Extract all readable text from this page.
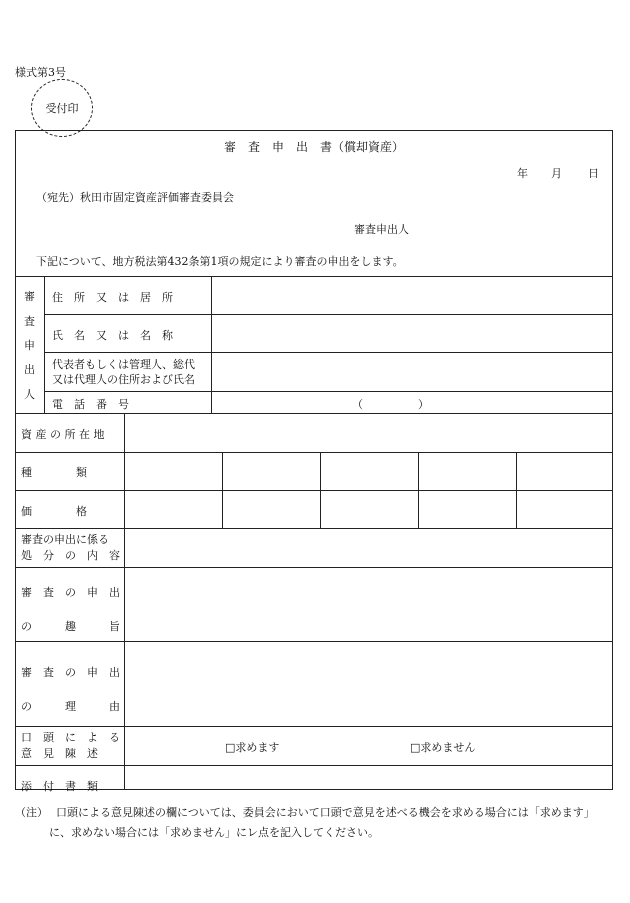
様式第3号
受付印
審　査　申　出　書（償却資産）
年 月 日
（宛先）秋田市固定資産評価審査委員会
審査申出人
下記について、地方税法第432条第1項の規定により審査の申出をします。
審
査
申
出
人
住　所　又　は　居　所
氏　名　又　は　名　称
代表者もしくは管理人、総代
又は代理人の住所および氏名
電　話　番　号	（	）
資 産 の 所 在 地
種　　　　類
価　　　　格
審査の申出に係る
処　分　の　内　容
審　査　の　申　出
の　　　趣　　　旨
審　査　の　申　出
の　　　理　　　由
口　頭　に　よ　る
意　見　陳　述	□求めます	□求めません
添　付　書　類
（注） 口頭による意見陳述の欄については、委員会において口頭で意見を述べる機会を求める場合には「求めます」に、求めない場合には「求めません」にレ点を記入してください。
